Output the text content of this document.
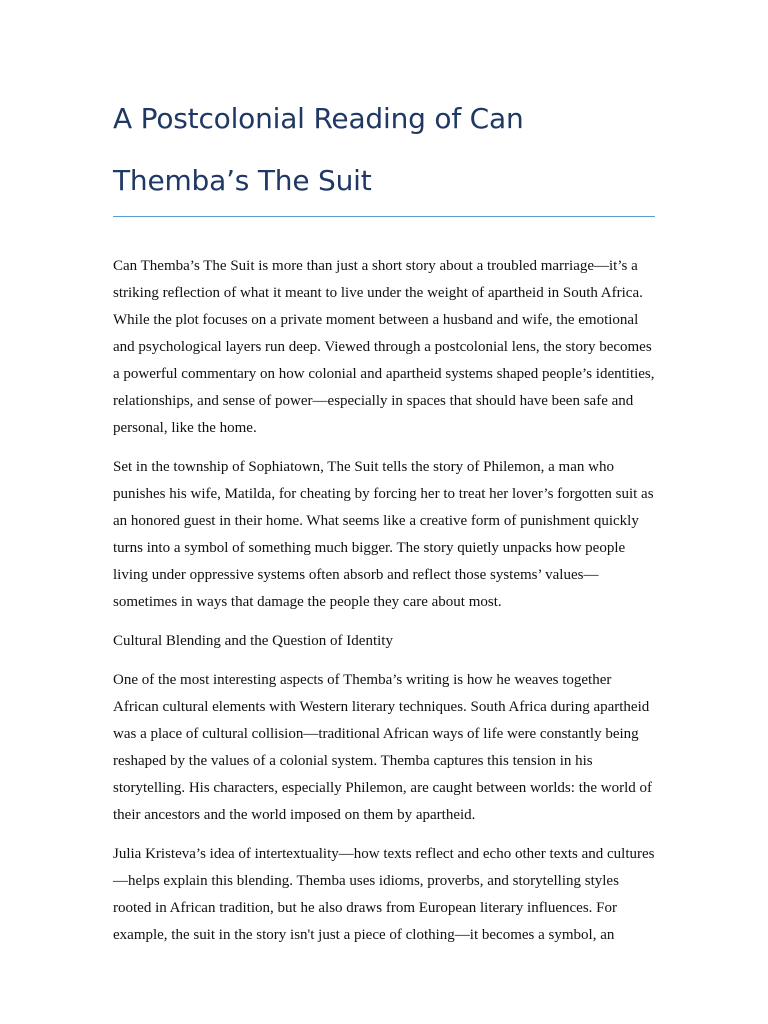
A Postcolonial Reading of Can Themba’s The Suit

Can Themba’s The Suit is more than just a short story about a troubled marriage—it’s a striking reflection of what it meant to live under the weight of apartheid in South Africa. While the plot focuses on a private moment between a husband and wife, the emotional and psychological layers run deep. Viewed through a postcolonial lens, the story becomes a powerful commentary on how colonial and apartheid systems shaped people’s identities, relationships, and sense of power—especially in spaces that should have been safe and personal, like the home.

Set in the township of Sophiatown, The Suit tells the story of Philemon, a man who punishes his wife, Matilda, for cheating by forcing her to treat her lover’s forgotten suit as an honored guest in their home. What seems like a creative form of punishment quickly turns into a symbol of something much bigger. The story quietly unpacks how people living under oppressive systems often absorb and reflect those systems’ values—sometimes in ways that damage the people they care about most.

Cultural Blending and the Question of Identity

One of the most interesting aspects of Themba’s writing is how he weaves together African cultural elements with Western literary techniques. South Africa during apartheid was a place of cultural collision—traditional African ways of life were constantly being reshaped by the values of a colonial system. Themba captures this tension in his storytelling. His characters, especially Philemon, are caught between worlds: the world of their ancestors and the world imposed on them by apartheid.

Julia Kristeva’s idea of intertextuality—how texts reflect and echo other texts and cultures—helps explain this blending. Themba uses idioms, proverbs, and storytelling styles rooted in African tradition, but he also draws from European literary influences. For example, the suit in the story isn't just a piece of clothing—it becomes a symbol, an
